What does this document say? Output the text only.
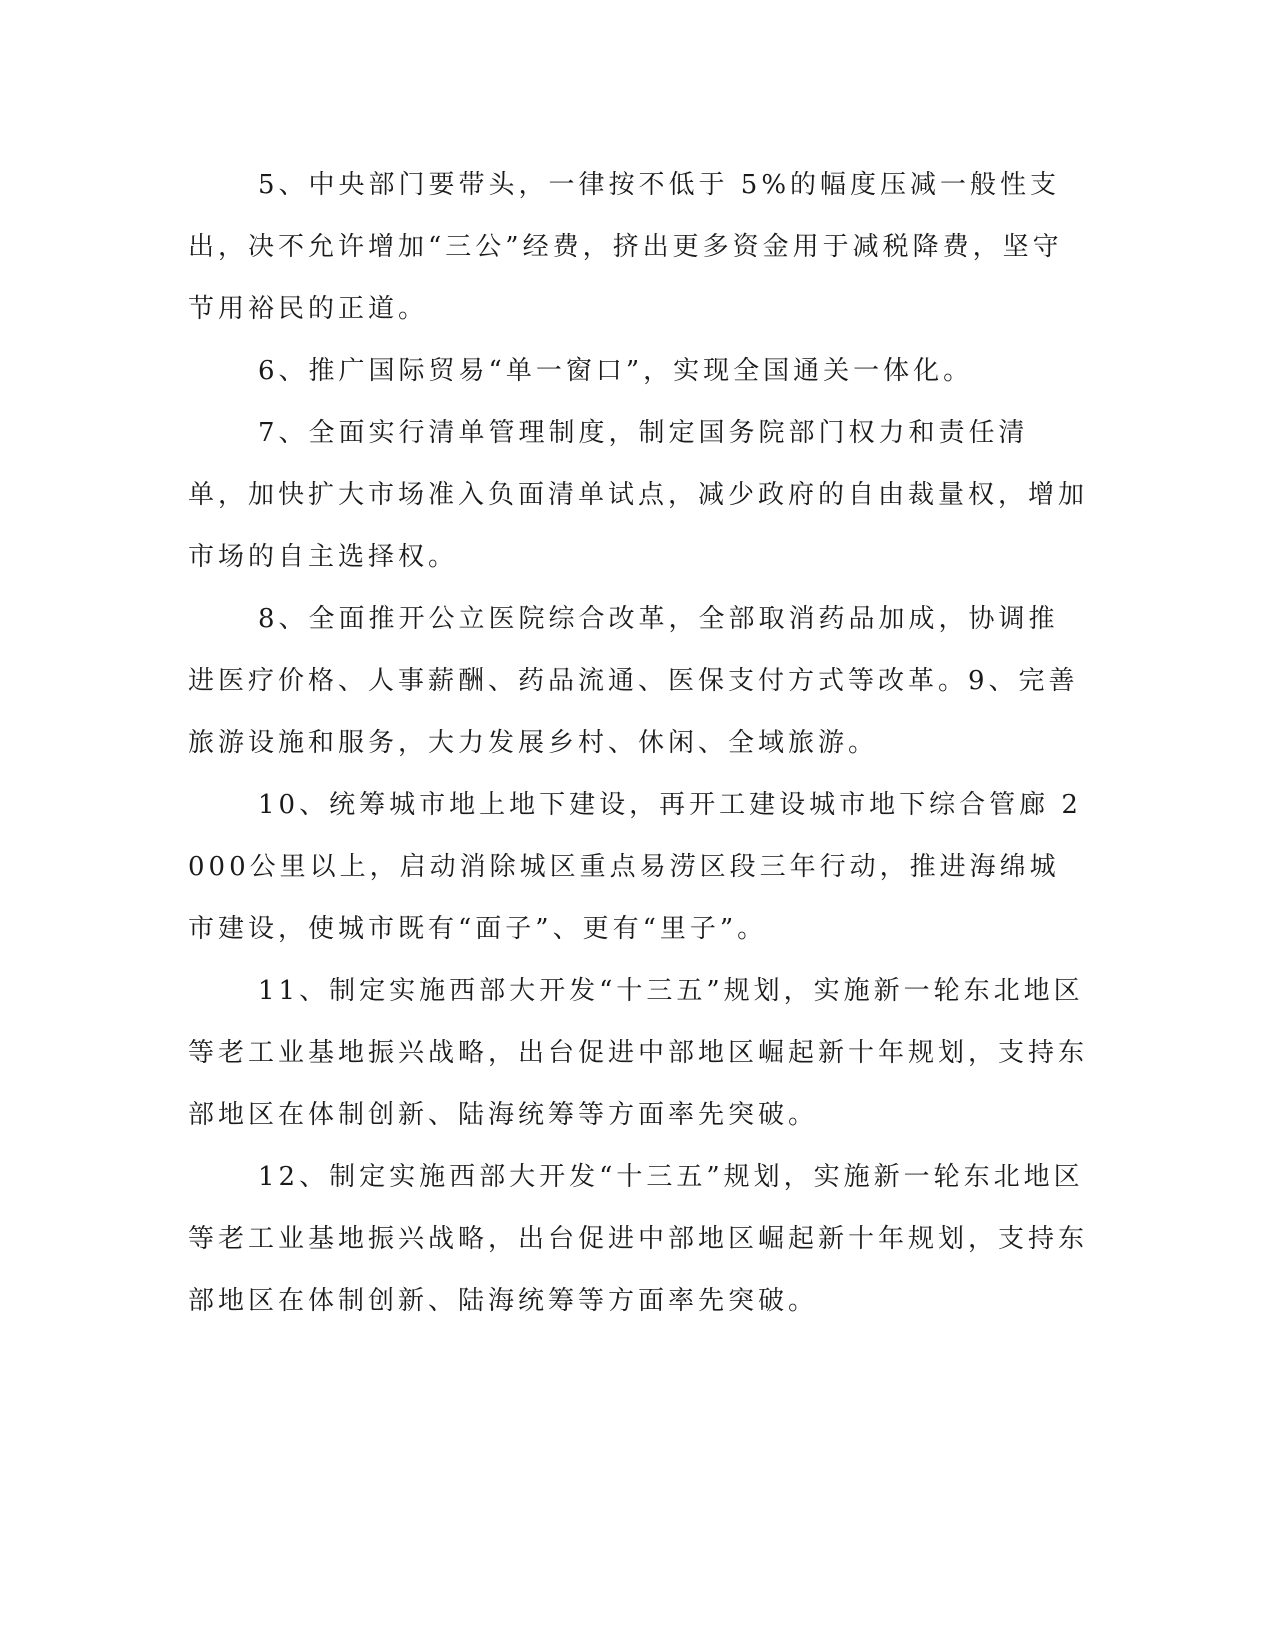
5、中央部门要带头，一律按不低于 5%的幅度压减一般性支出，决不允许增加“三公”经费，挤出更多资金用于减税降费，坚守节用裕民的正道。

6、推广国际贸易“单一窗口”，实现全国通关一体化。

7、全面实行清单管理制度，制定国务院部门权力和责任清单，加快扩大市场准入负面清单试点，减少政府的自由裁量权，增加市场的自主选择权。

8、全面推开公立医院综合改革，全部取消药品加成，协调推进医疗价格、人事薪酬、药品流通、医保支付方式等改革。9、完善旅游设施和服务，大力发展乡村、休闲、全域旅游。

10、统筹城市地上地下建设，再开工建设城市地下综合管廊 2000公里以上，启动消除城区重点易涝区段三年行动，推进海绵城市建设，使城市既有“面子”、更有“里子”。

11、制定实施西部大开发“十三五”规划，实施新一轮东北地区等老工业基地振兴战略，出台促进中部地区崛起新十年规划，支持东部地区在体制创新、陆海统筹等方面率先突破。

12、制定实施西部大开发“十三五”规划，实施新一轮东北地区等老工业基地振兴战略，出台促进中部地区崛起新十年规划，支持东部地区在体制创新、陆海统筹等方面率先突破。
